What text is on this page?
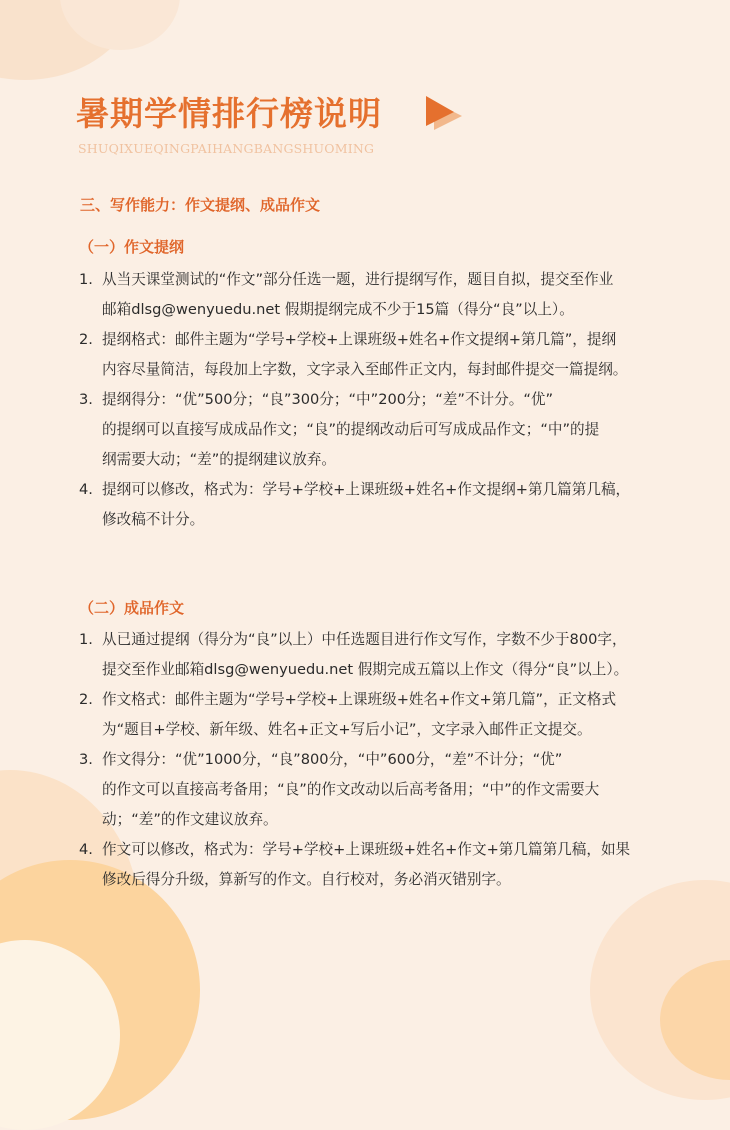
暑期学情排行榜说明
SHUQIXUEQINGPAIHANGBANGSHUOMING
三、写作能力：作文提纲、成品作文
（一）作文提纲
1. 从当天课堂测试的“作文”部分任选一题，进行提纲写作，题目自拟，提交至作业
邮箱dlsg@wenyuedu.net 假期提纲完成不少于15篇（得分“良”以上）。
2. 提纲格式：邮件主题为“学号+学校+上课班级+姓名+作文提纲+第几篇”，提纲
内容尽量简洁，每段加上字数，文字录入至邮件正文内，每封邮件提交一篇提纲。
3. 提纲得分：“优”500分；“良”300分；“中”200分；“差”不计分。“优”
的提纲可以直接写成成品作文；“良”的提纲改动后可写成成品作文；“中”的提
纲需要大动；“差”的提纲建议放弃。
4. 提纲可以修改，格式为：学号+学校+上课班级+姓名+作文提纲+第几篇第几稿，
修改稿不计分。
（二）成品作文
1. 从已通过提纲（得分为“良”以上）中任选题目进行作文写作，字数不少于800字，
提交至作业邮箱dlsg@wenyuedu.net 假期完成五篇以上作文（得分“良”以上）。
2. 作文格式：邮件主题为“学号+学校+上课班级+姓名+作文+第几篇”，正文格式
为“题目+学校、新年级、姓名+正文+写后小记”，文字录入邮件正文提交。
3. 作文得分：“优”1000分，“良”800分，“中”600分，“差”不计分；“优”
的作文可以直接高考备用；“良”的作文改动以后高考备用；“中”的作文需要大
动；“差”的作文建议放弃。
4. 作文可以修改，格式为：学号+学校+上课班级+姓名+作文+第几篇第几稿，如果
修改后得分升级，算新写的作文。自行校对，务必消灭错别字。
